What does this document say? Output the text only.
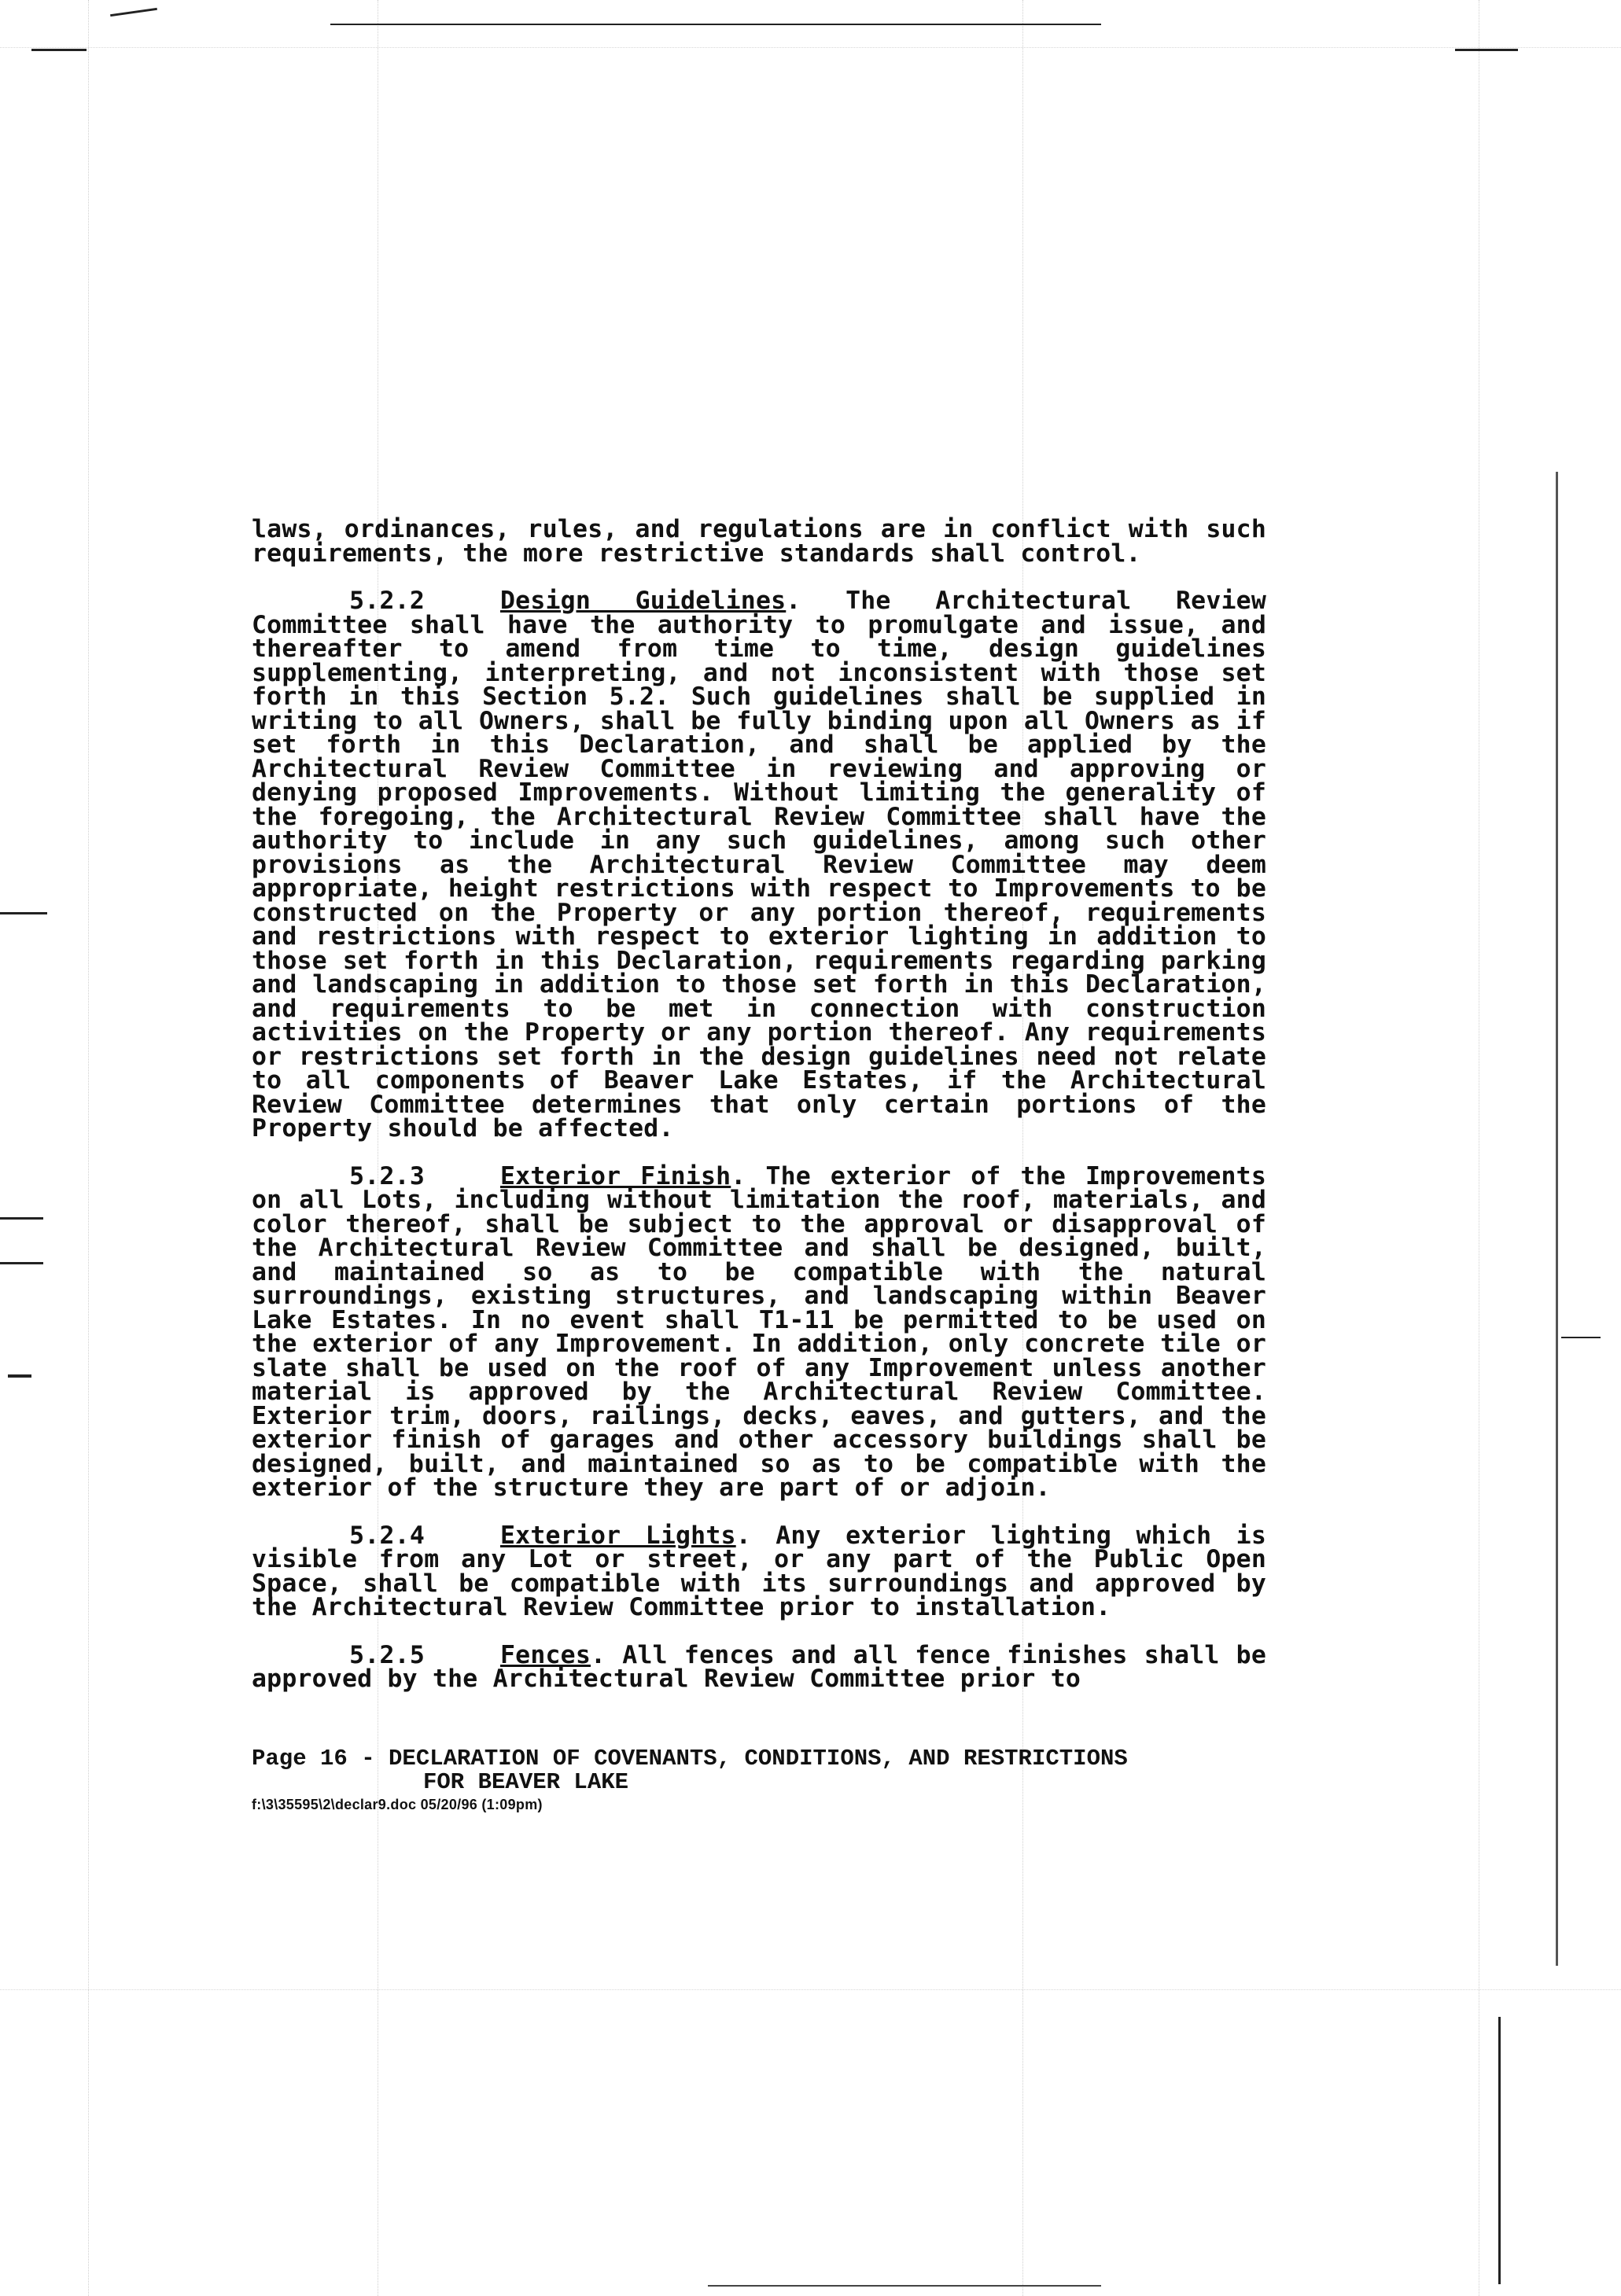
laws, ordinances, rules, and regulations are in conflict with such requirements, the more restrictive standards shall control.

5.2.2	Design Guidelines. The Architectural Review Committee shall have the authority to promulgate and issue, and thereafter to amend from time to time, design guidelines supplementing, interpreting, and not inconsistent with those set forth in this Section 5.2. Such guidelines shall be supplied in writing to all Owners, shall be fully binding upon all Owners as if set forth in this Declaration, and shall be applied by the Architectural Review Committee in reviewing and approving or denying proposed Improvements. Without limiting the generality of the foregoing, the Architectural Review Committee shall have the authority to include in any such guidelines, among such other provisions as the Architectural Review Committee may deem appropriate, height restrictions with respect to Improvements to be constructed on the Property or any portion thereof, requirements and restrictions with respect to exterior lighting in addition to those set forth in this Declaration, requirements regarding parking and landscaping in addition to those set forth in this Declaration, and requirements to be met in connection with construction activities on the Property or any portion thereof. Any requirements or restrictions set forth in the design guidelines need not relate to all components of Beaver Lake Estates, if the Architectural Review Committee determines that only certain portions of the Property should be affected.

5.2.3	Exterior Finish. The exterior of the Improvements on all Lots, including without limitation the roof, materials, and color thereof, shall be subject to the approval or disapproval of the Architectural Review Committee and shall be designed, built, and maintained so as to be compatible with the natural surroundings, existing structures, and landscaping within Beaver Lake Estates. In no event shall T1-11 be permitted to be used on the exterior of any Improvement. In addition, only concrete tile or slate shall be used on the roof of any Improvement unless another material is approved by the Architectural Review Committee. Exterior trim, doors, railings, decks, eaves, and gutters, and the exterior finish of garages and other accessory buildings shall be designed, built, and maintained so as to be compatible with the exterior of the structure they are part of or adjoin.

5.2.4	Exterior Lights. Any exterior lighting which is visible from any Lot or street, or any part of the Public Open Space, shall be compatible with its surroundings and approved by the Architectural Review Committee prior to installation.

5.2.5	Fences. All fences and all fence finishes shall be approved by the Architectural Review Committee prior to

Page 16 - DECLARATION OF COVENANTS, CONDITIONS, AND RESTRICTIONS
FOR BEAVER LAKE
f:\3\35595\2\declar9.doc 05/20/96 (1:09pm)
